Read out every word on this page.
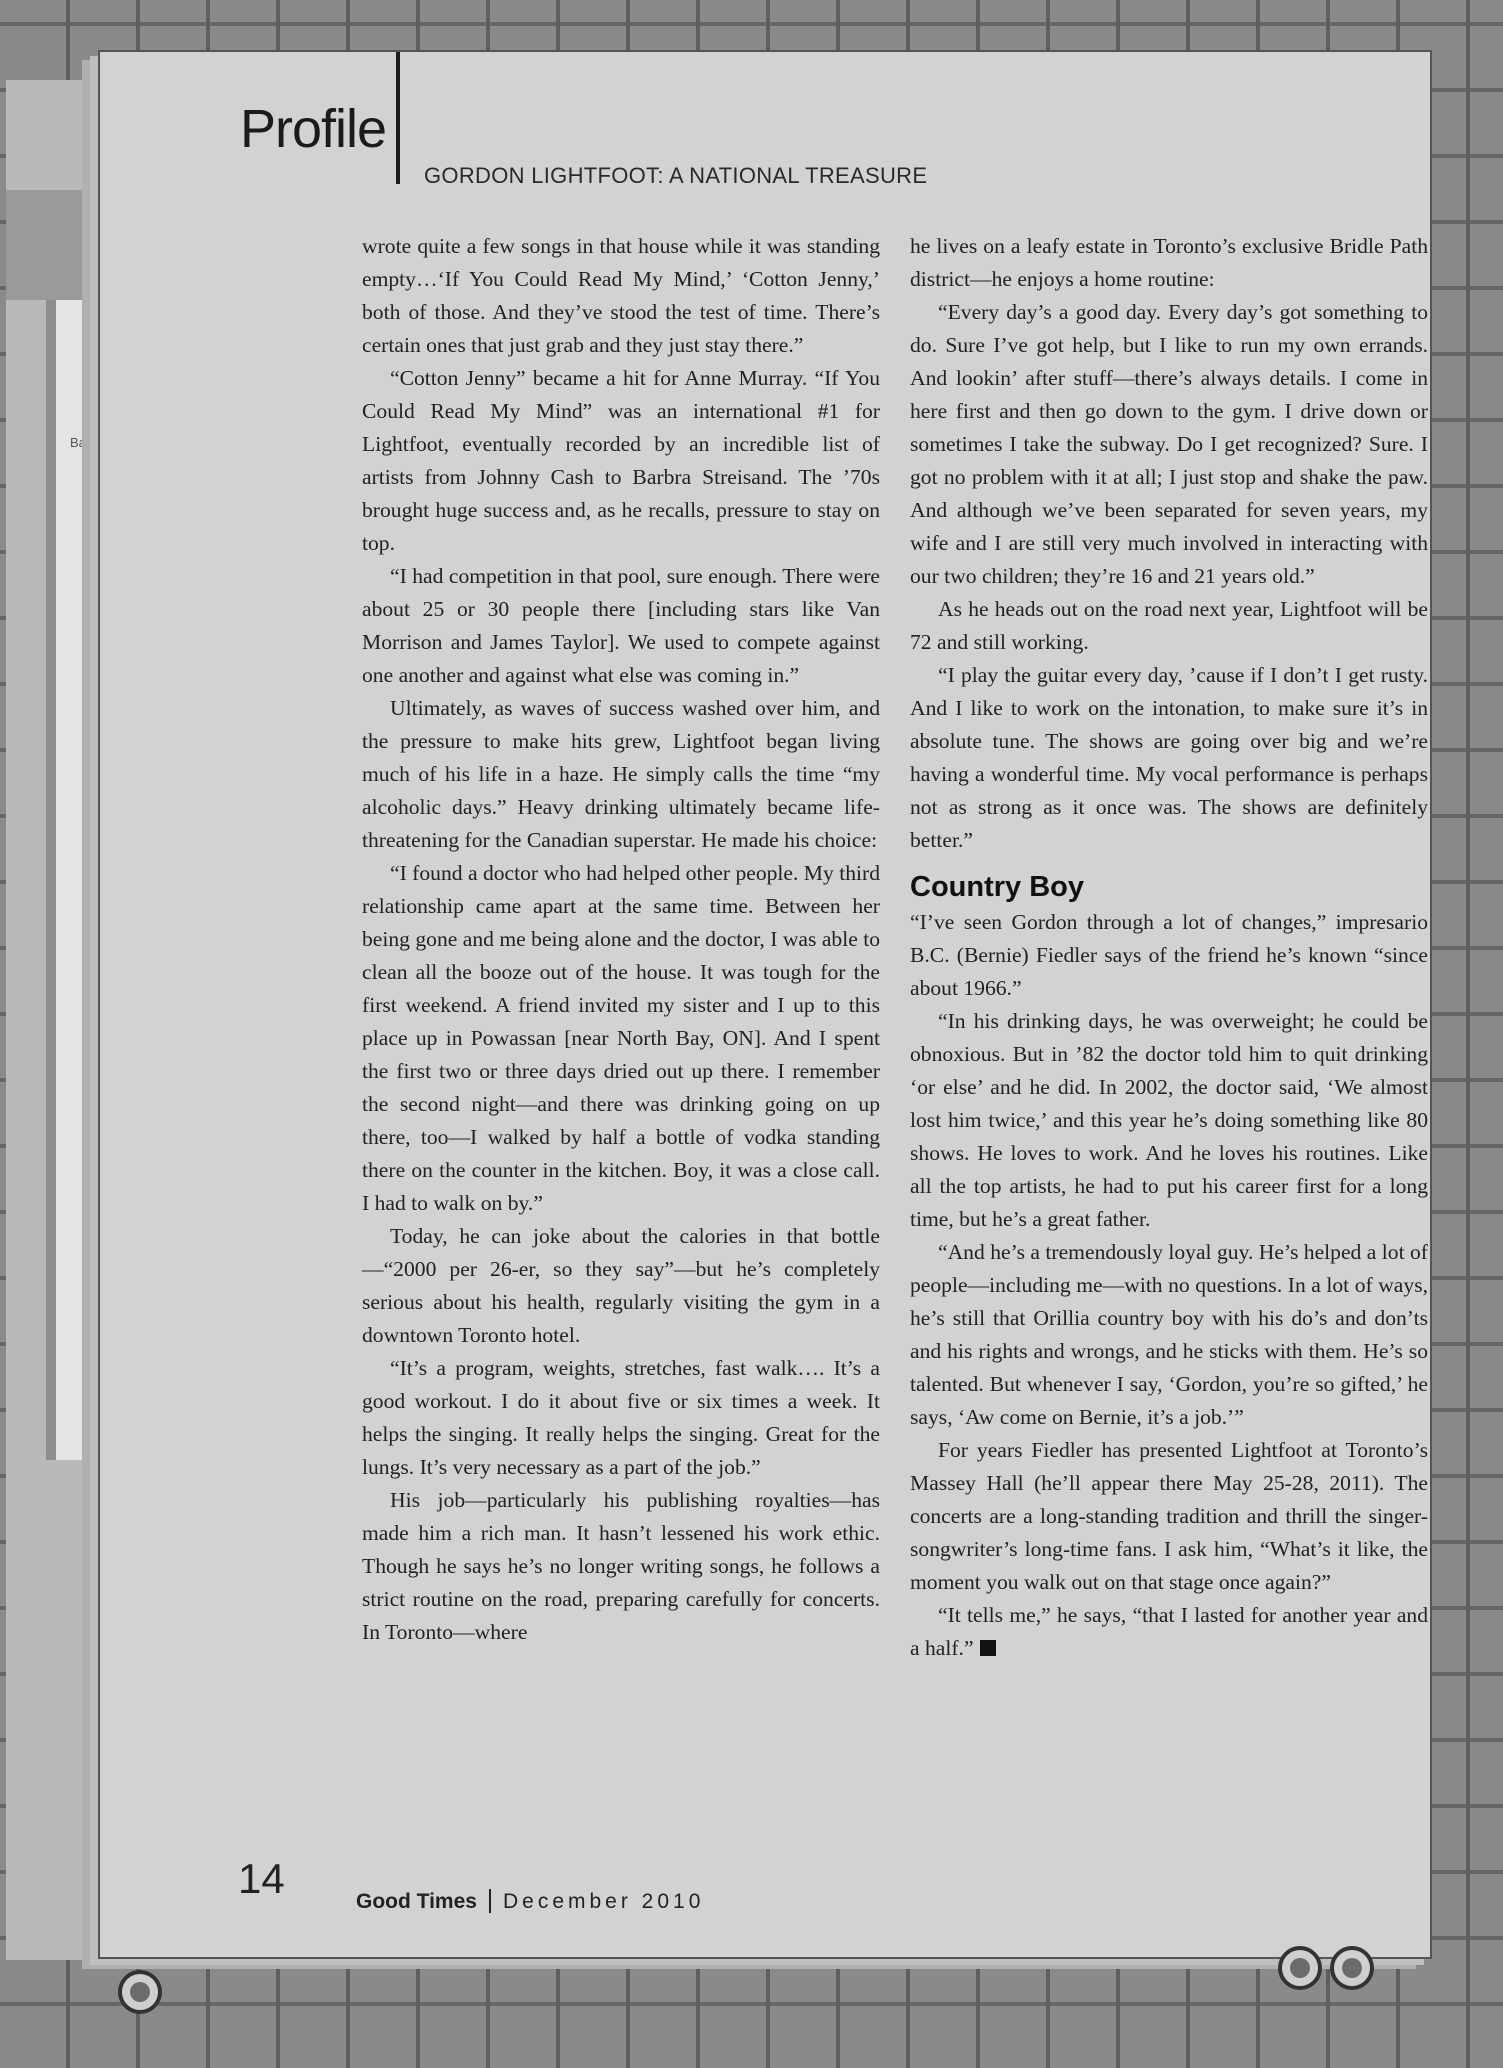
Bar
Profile
GORDON LIGHTFOOT: A NATIONAL TREASURE

wrote quite a few songs in that house while it was standing empty…‘If You Could Read My Mind,’ ‘Cotton Jenny,’ both of those. And they’ve stood the test of time. There’s certain ones that just grab and they just stay there.”

“Cotton Jenny” became a hit for Anne Murray. “If You Could Read My Mind” was an international #1 for Lightfoot, eventually recorded by an incredible list of artists from Johnny Cash to Barbra Streisand. The ’70s brought huge success and, as he recalls, pressure to stay on top.

“I had competition in that pool, sure enough. There were about 25 or 30 people there [including stars like Van Morrison and James Taylor]. We used to compete against one another and against what else was coming in.”

Ultimately, as waves of success washed over him, and the pressure to make hits grew, Lightfoot began living much of his life in a haze. He simply calls the time “my alcoholic days.” Heavy drinking ultimately became life-threatening for the Canadian superstar. He made his choice:

“I found a doctor who had helped other people. My third relationship came apart at the same time. Between her being gone and me being alone and the doctor, I was able to clean all the booze out of the house. It was tough for the first weekend. A friend invited my sister and I up to this place up in Powassan [near North Bay, ON]. And I spent the first two or three days dried out up there. I remember the second night—and there was drinking going on up there, too—I walked by half a bottle of vodka standing there on the counter in the kitchen. Boy, it was a close call. I had to walk on by.”

Today, he can joke about the calories in that bottle—“2000 per 26-er, so they say”—but he’s completely serious about his health, regularly visiting the gym in a downtown Toronto hotel.

“It’s a program, weights, stretches, fast walk…. It’s a good workout. I do it about five or six times a week. It helps the singing. It really helps the singing. Great for the lungs. It’s very necessary as a part of the job.”

His job—particularly his publishing royalties—has made him a rich man. It hasn’t lessened his work ethic. Though he says he’s no longer writing songs, he follows a strict routine on the road, preparing carefully for concerts. In Toronto—where

he lives on a leafy estate in Toronto’s exclusive Bridle Path district—he enjoys a home routine:

“Every day’s a good day. Every day’s got something to do. Sure I’ve got help, but I like to run my own errands. And lookin’ after stuff—there’s always details. I come in here first and then go down to the gym. I drive down or sometimes I take the subway. Do I get recognized? Sure. I got no problem with it at all; I just stop and shake the paw. And although we’ve been separated for seven years, my wife and I are still very much involved in interacting with our two children; they’re 16 and 21 years old.”

As he heads out on the road next year, Lightfoot will be 72 and still working.

“I play the guitar every day, ’cause if I don’t I get rusty. And I like to work on the intonation, to make sure it’s in absolute tune. The shows are going over big and we’re having a wonderful time. My vocal performance is perhaps not as strong as it once was. The shows are definitely better.”

Country Boy

“I’ve seen Gordon through a lot of changes,” impresario B.C. (Bernie) Fiedler says of the friend he’s known “since about 1966.”

“In his drinking days, he was overweight; he could be obnoxious. But in ’82 the doctor told him to quit drinking ‘or else’ and he did. In 2002, the doctor said, ‘We almost lost him twice,’ and this year he’s doing something like 80 shows. He loves to work. And he loves his routines. Like all the top artists, he had to put his career first for a long time, but he’s a great father.

“And he’s a tremendously loyal guy. He’s helped a lot of people—including me—with no questions. In a lot of ways, he’s still that Orillia country boy with his do’s and don’ts and his rights and wrongs, and he sticks with them. He’s so talented. But whenever I say, ‘Gordon, you’re so gifted,’ he says, ‘Aw come on Bernie, it’s a job.’”

For years Fiedler has presented Lightfoot at Toronto’s Massey Hall (he’ll appear there May 25-28, 2011). The concerts are a long-standing tradition and thrill the singer-songwriter’s long-time fans. I ask him, “What’s it like, the moment you walk out on that stage once again?”

“It tells me,” he says, “that I lasted for another year and a half.”

14	Good Times December 2010
